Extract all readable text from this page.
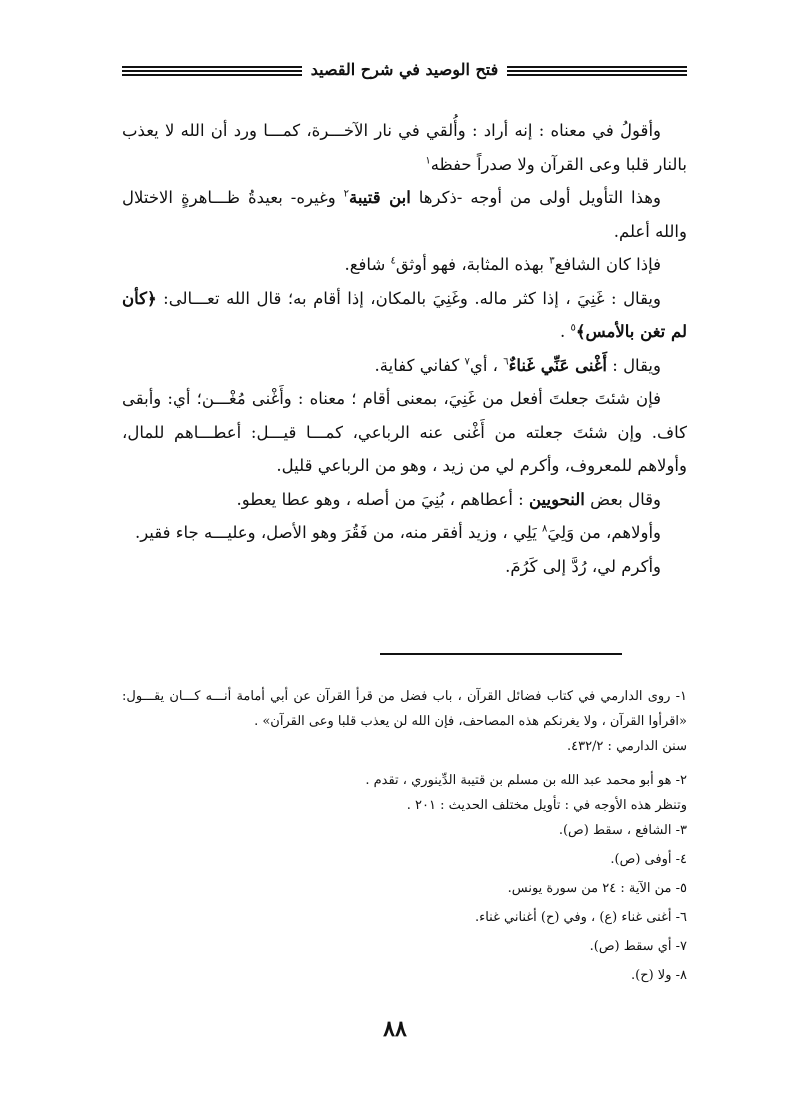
فتح الوصيد في شرح القصيد

وأقولُ في معناه : إنه أراد : وأُلقي في نار الآخـــرة، كمـــا ورد أن الله لا يعذب بالنار قلبا وعى القرآن ولا صدراً حفظه$^١$

وهذا التأويل أولى من أوجه -ذكرها ابن قتيبة$^٢$ وغيره- بعيدةُ ظـــاهرةٍ الاختلال والله أعلم.

فإذا كان الشافع$^٣$ بهذه المثابة، فهو أوثق$^٤$ شافع.

ويقال : غَنِيَ ، إذا كثر ماله. وغَنِيَ بالمكان، إذا أقام به؛ قال الله تعـــالى: ﴿كأن لم تغن بالأمس﴾$^٥$ .

ويقال : أَغْنى عَنِّي غَناءٌ$^٦$ ، أي$^٧$ كفاني كفاية.

فإن شئتَ جعلتَ أفعل من غَنِيَ، بمعنى أقام ؛ معناه : وأَغْنى مُغْـــن؛ أي: وأبقى كاف. وإن شئتَ جعلته من أَغْنى عنه الرباعي، كمـــا قيـــل: أعطـــاهم للمال، وأولاهم للمعروف، وأكرم لي من زيد ، وهو من الرباعي قليل.

وقال بعض النحويين : أعطاهم ، بُنِيَ من أصله ، وهو عطا يعطو.

وأولاهم، من وَلِيَ$^٨$ يَلِي ، وزيد أفقر منه، من فَقُرَ وهو الأصل، وعليـــه جاء فقير.

وأكرم لي، رُدَّ إلى كَرُمَ.

١- روى الدارمي في كتاب فضائل القرآن ، باب فضل من قرأ القرآن عن أبي أمامة أنـــه كـــان يقـــول:

«اقرأوا القرآن ، ولا يغرنكم هذه المصاحف، فإن الله لن يعذب قلبا وعى القرآن» .

سنن الدارمي : ٤٣٢/٢.

٢- هو أبو محمد عبد الله بن مسلم بن قتيبة الدِّينوري ، تقدم .

وتنظر هذه الأوجه في : تأويل مختلف الحديث : ٢٠١ .

٣- الشافع ، سقط (ص).

٤- أوفى (ص).

٥- من الآية : ٢٤ من سورة يونس.

٦- أغنى غناء (ع) ، وفي (ح) أغناني غناء.

٧- أي سقط (ص).

٨- ولا (ح).

٨٨
